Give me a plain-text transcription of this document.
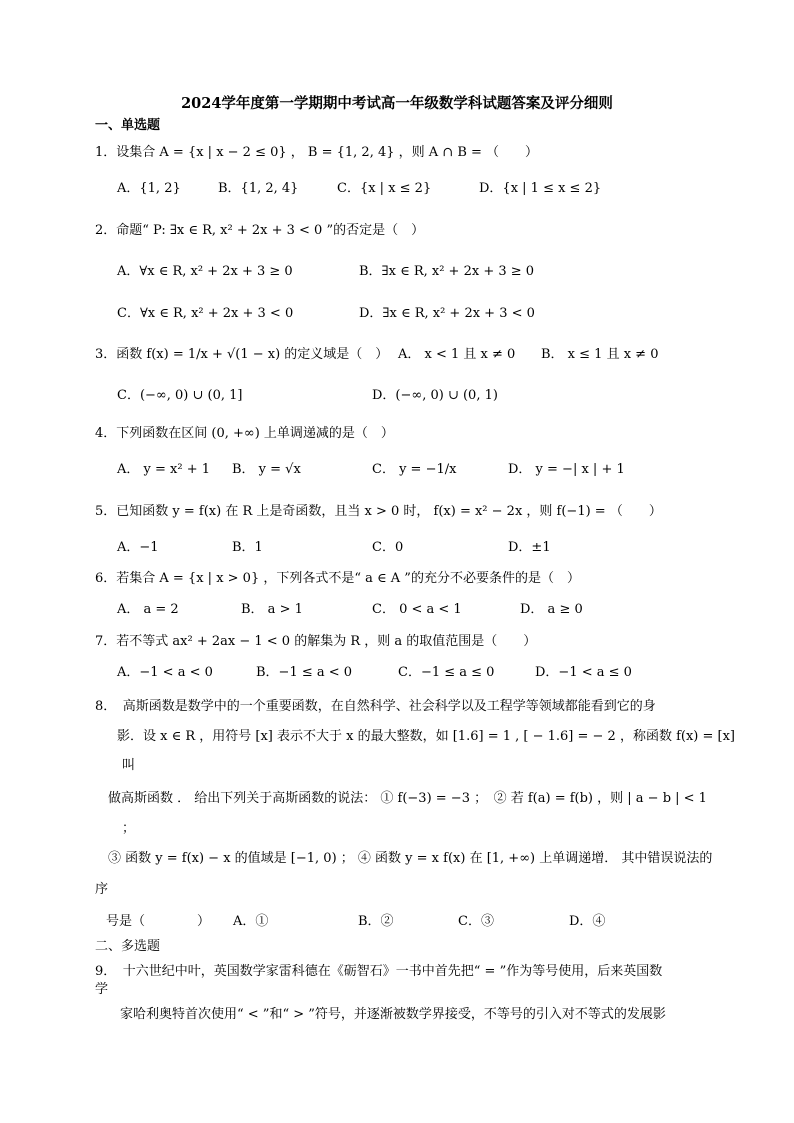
2024学年度第一学期期中考试高一年级数学科试题答案及评分细则
一、单选题
1．设集合 A = {x | x − 2 ≤ 0} ， B = {1, 2, 4} ，则 A ∩ B = （　　）
A．{1, 2}	B．{1, 2, 4}	C．{x | x ≤ 2}	D．{x | 1 ≤ x ≤ 2}
2．命题“ P: ∃x ∈ R, x² + 2x + 3 < 0 ”的否定是（　）
A．∀x ∈ R, x² + 2x + 3 ≥ 0	B．∃x ∈ R, x² + 2x + 3 ≥ 0
C．∀x ∈ R, x² + 2x + 3 < 0	D．∃x ∈ R, x² + 2x + 3 < 0
3．函数 f(x) = 1/x + √(1 − x) 的定义域是（　） A． x < 1 且 x ≠ 0 B． x ≤ 1 且 x ≠ 0
C．(−∞, 0) ∪ (0, 1]	D．(−∞, 0) ∪ (0, 1)
4．下列函数在区间 (0, +∞) 上单调递减的是（　）
A． y = x² + 1 B． y = √x	C． y = −1/x	D． y = −| x | + 1
5．已知函数 y = f(x) 在 R 上是奇函数，且当 x > 0 时， f(x) = x² − 2x ，则 f(−1) = （　　）
A．−1	B．1	C．0	D．±1
6．若集合 A = {x | x > 0} ，下列各式不是“ a ∈ A ”的充分不必要条件的是（　）
A． a = 2	B． a > 1	C． 0 < a < 1	D． a ≥ 0
7．若不等式 ax² + 2ax − 1 < 0 的解集为 R ，则 a 的取值范围是（　　）
A．−1 < a < 0	B．−1 ≤ a < 0	C．−1 ≤ a ≤ 0	D．−1 < a ≤ 0
8．　高斯函数是数学中的一个重要函数，在自然科学、社会科学以及工程学等领域都能看到它的身
影．设 x ∈ R ，用符号 [x] 表示不大于 x 的最大整数，如 [1.6] = 1 , [ − 1.6] = − 2 ，称函数 f(x) = [x]
叫
做高斯函数 ． 给出下列关于高斯函数的说法： ① f(−3) = −3 ；　② 若 f(a) = f(b) ，则 | a − b | < 1
；
③ 函数 y = f(x) − x 的值域是 [−1, 0) ； ④ 函数 y = x f(x) 在 [1, +∞) 上单调递增． 其中错误说法的
序
号是（　　　　） A．①	B．②	C．③	D．④
二、多选题
9．　十六世纪中叶，英国数学家雷科德在《砺智石》一书中首先把“ = ”作为等号使用，后来英国数
学
家哈利奥特首次使用“ < ”和“ > ”符号，并逐渐被数学界接受，不等号的引入对不等式的发展影
